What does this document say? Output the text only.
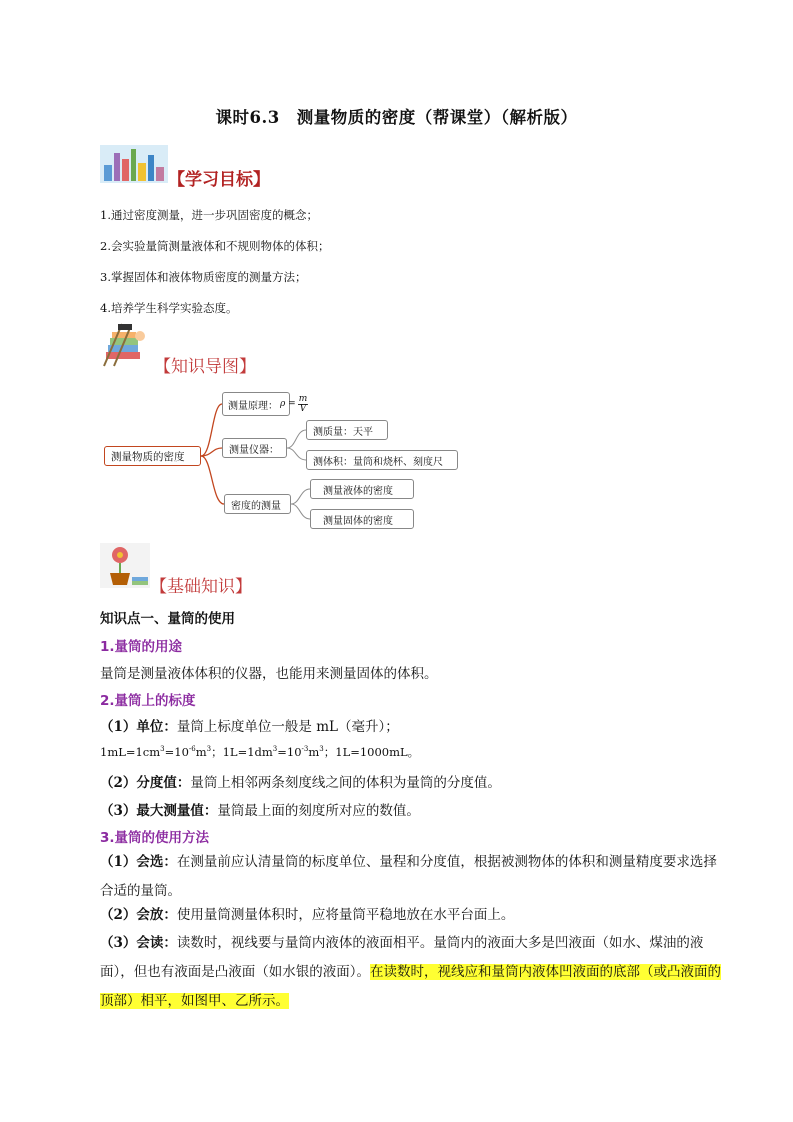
课时6.3　测量物质的密度（帮课堂）（解析版）
【学习目标】
1.通过密度测量，进一步巩固密度的概念；
2.会实验量筒测量液体和不规则物体的体积；
3.掌握固体和液体物质密度的测量方法；
4.培养学生科学实验态度。
【知识导图】
测量物质的密度
测量原理： $\rho = \frac{m}{V}$
测量仪器：
测质量：天平
测体积：量筒和烧杯、刻度尺
密度的测量
测量液体的密度
测量固体的密度
【基础知识】
知识点一、量筒的使用
1.量筒的用途
量筒是测量液体体积的仪器，也能用来测量固体的体积。
2.量筒上的标度
（1）单位：量筒上标度单位一般是 mL（毫升）；
$1mL=1cm^3=10^{-6}m^3$；$1L=1dm^3=10^{-3}m^3$；1L=1000mL。
（2）分度值：量筒上相邻两条刻度线之间的体积为量筒的分度值。
（3）最大测量值：量筒最上面的刻度所对应的数值。
3.量筒的使用方法
（1）会选：在测量前应认清量筒的标度单位、量程和分度值，根据被测物体的体积和测量精度要求选择合适的量筒。
（2）会放：使用量筒测量体积时，应将量筒平稳地放在水平台面上。
（3）会读：读数时，视线要与量筒内液体的液面相平。量筒内的液面大多是凹液面（如水、煤油的液面），但也有液面是凸液面（如水银的液面）。在读数时，视线应和量筒内液体凹液面的底部（或凸液面的顶部）相平，如图甲、乙所示。
